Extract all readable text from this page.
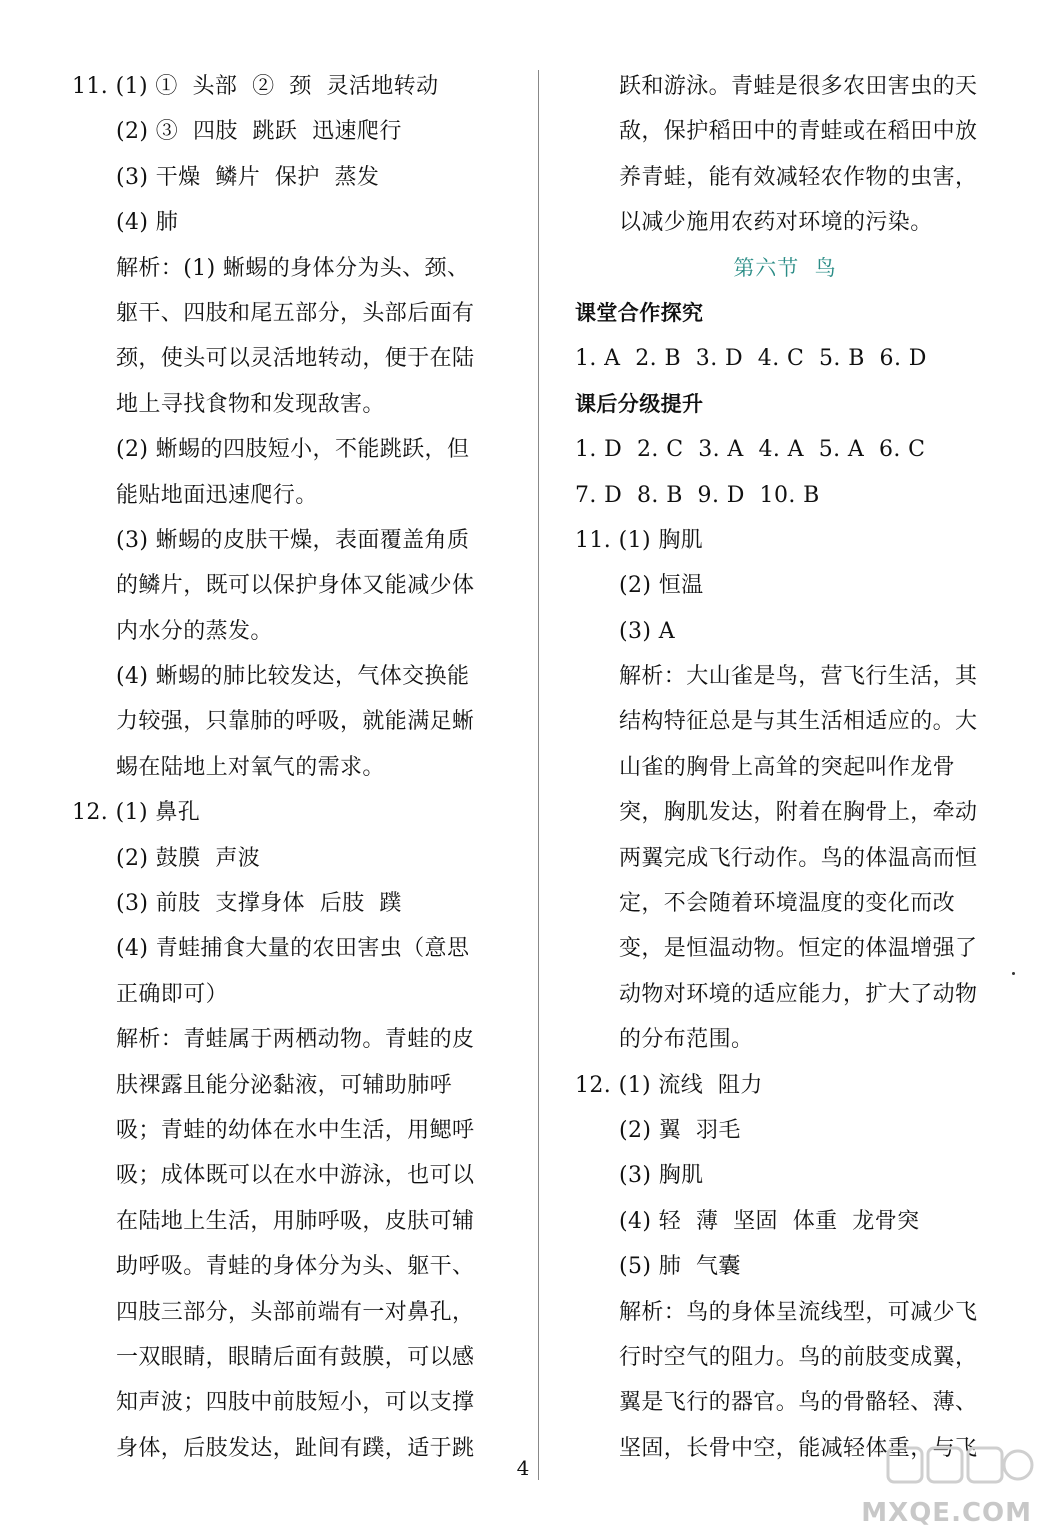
11. (1) ①  头部  ②  颈  灵活地转动
(2) ③  四肢  跳跃  迅速爬行
(3) 干燥  鳞片  保护  蒸发
(4) 肺
解析：(1) 蜥蜴的身体分为头、颈、
躯干、四肢和尾五部分，头部后面有
颈，使头可以灵活地转动，便于在陆
地上寻找食物和发现敌害。
(2) 蜥蜴的四肢短小，不能跳跃，但
能贴地面迅速爬行。
(3) 蜥蜴的皮肤干燥，表面覆盖角质
的鳞片，既可以保护身体又能减少体
内水分的蒸发。
(4) 蜥蜴的肺比较发达，气体交换能
力较强，只靠肺的呼吸，就能满足蜥
蜴在陆地上对氧气的需求。
12. (1) 鼻孔
(2) 鼓膜  声波
(3) 前肢  支撑身体  后肢  蹼
(4) 青蛙捕食大量的农田害虫（意思
正确即可）
解析：青蛙属于两栖动物。青蛙的皮
肤裸露且能分泌黏液，可辅助肺呼
吸；青蛙的幼体在水中生活，用鳃呼
吸；成体既可以在水中游泳，也可以
在陆地上生活，用肺呼吸，皮肤可辅
助呼吸。青蛙的身体分为头、躯干、
四肢三部分，头部前端有一对鼻孔，
一双眼睛，眼睛后面有鼓膜，可以感
知声波；四肢中前肢短小，可以支撑
身体，后肢发达，趾间有蹼，适于跳
跃和游泳。青蛙是很多农田害虫的天
敌，保护稻田中的青蛙或在稻田中放
养青蛙，能有效减轻农作物的虫害，
以减少施用农药对环境的污染。
第六节  鸟
课堂合作探究
1. A  2. B  3. D  4. C  5. B  6. D
课后分级提升
1. D  2. C  3. A  4. A  5. A  6. C
7. D  8. B  9. D  10. B
11. (1) 胸肌
(2) 恒温
(3) A
解析：大山雀是鸟，营飞行生活，其
结构特征总是与其生活相适应的。大
山雀的胸骨上高耸的突起叫作龙骨
突，胸肌发达，附着在胸骨上，牵动
两翼完成飞行动作。鸟的体温高而恒
定，不会随着环境温度的变化而改
变，是恒温动物。恒定的体温增强了
动物对环境的适应能力，扩大了动物
的分布范围。
12. (1) 流线  阻力
(2) 翼  羽毛
(3) 胸肌
(4) 轻  薄  坚固  体重  龙骨突
(5) 肺  气囊
解析：鸟的身体呈流线型，可减少飞
行时空气的阻力。鸟的前肢变成翼，
翼是飞行的器官。鸟的骨骼轻、薄、
坚固，长骨中空，能减轻体重，与飞
4
MXQE.COM
